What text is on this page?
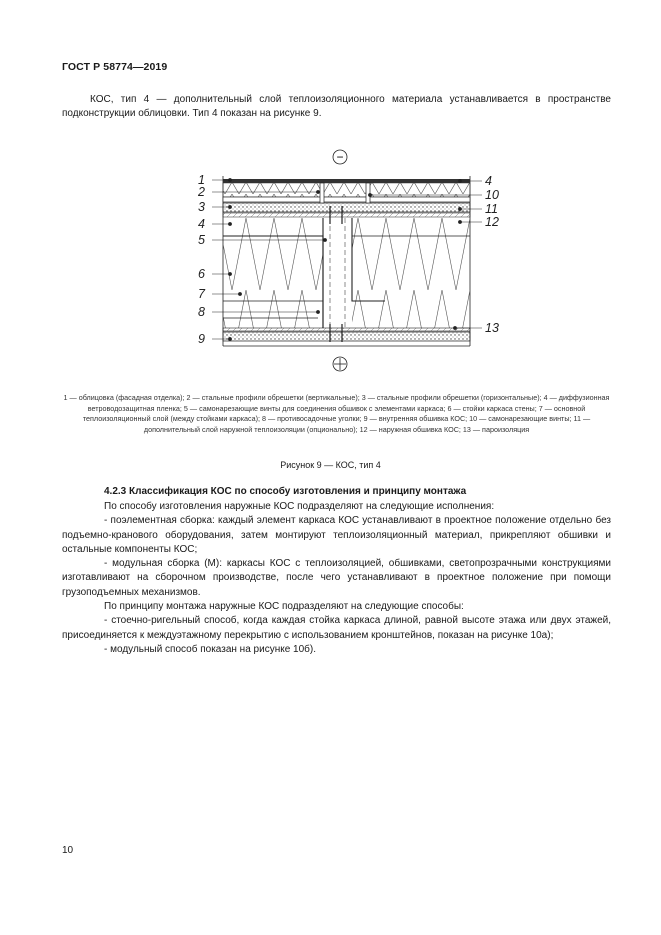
ГОСТ Р 58774—2019
КОС, тип 4 — дополнительный слой теплоизоляционного материала устанавливается в пространстве подконструкции облицовки. Тип 4 показан на рисунке 9.
−
1
2
3
4
5
6
7
8
9
4
10
11
12
13
1 — облицовка (фасадная отделка); 2 — стальные профили обрешетки (вертикальные); 3 — стальные профили обрешетки (горизонтальные); 4 — диффузионная ветроводозащитная пленка; 5 — самонарезающие винты для соединения обшивок с элементами каркаса; 6 — стойки каркаса стены; 7 — основной теплоизоляционный слой (между стойками каркаса); 8 — противосадочные уголки; 9 — внутренняя обшивка КОС; 10 — самонарезающие винты; 11 — дополнительный слой наружной теплоизоляции (опционально); 12 — наружная обшивка КОС; 13 — пароизоляция
Рисунок 9 — КОС, тип 4
4.2.3 Классификация КОС по способу изготовления и принципу монтажа

По способу изготовления наружные КОС подразделяют на следующие исполнения:

- поэлементная сборка: каждый элемент каркаса КОС устанавливают в проектное положение отдельно без подъемно-кранового оборудования, затем монтируют теплоизоляционный материал, прикрепляют обшивки и остальные компоненты КОС;

- модульная сборка (М): каркасы КОС с теплоизоляцией, обшивками, светопрозрачными конструкциями изготавливают на сборочном производстве, после чего устанавливают в проектное положение при помощи грузоподъемных механизмов.

По принципу монтажа наружные КОС подразделяют на следующие способы:

- стоечно-ригельный способ, когда каждая стойка каркаса длиной, равной высоте этажа или двух этажей, присоединяется к междуэтажному перекрытию с использованием кронштейнов, показан на рисунке 10а);

- модульный способ показан на рисунке 10б).

10
